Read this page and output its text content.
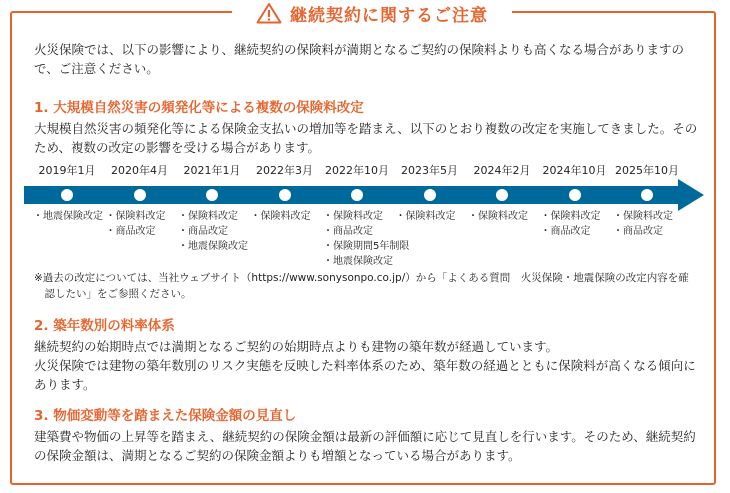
継続契約に関するご注意

火災保険では、以下の影響により、継続契約の保険料が満期となるご契約の保険料よりも高くなる場合がありますので、ご注意ください。

1. 大規模自然災害の頻発化等による複数の保険料改定

大規模自然災害の頻発化等による保険金支払いの増加等を踏まえ、以下のとおり複数の改定を実施してきました。そのため、複数の改定の影響を受ける場合があります。

2019年1月
・地震保険改定
2020年4月
・保険料改定
・商品改定
2021年1月
・保険料改定
・商品改定
・地震保険改定
2022年3月
・保険料改定
2022年10月
・保険料改定
・商品改定
・保険期間5年制限
・地震保険改定
2023年5月
・保険料改定
2024年2月
・保険料改定
2024年10月
・保険料改定
・商品改定
2025年10月
・保険料改定
・商品改定

※過去の改定については、当社ウェブサイト（https://www.sonysonpo.co.jp/）から「よくある質問　火災保険・地震保険の改定内容を確
　認したい」をご参照ください。

2. 築年数別の料率体系

継続契約の始期時点では満期となるご契約の始期時点よりも建物の築年数が経過しています。
火災保険では建物の築年数別のリスク実態を反映した料率体系のため、築年数の経過とともに保険料が高くなる傾向にあります。

3. 物価変動等を踏まえた保険金額の見直し

建築費や物価の上昇等を踏まえ、継続契約の保険金額は最新の評価額に応じて見直しを行います。そのため、継続契約の保険金額は、満期となるご契約の保険金額よりも増額となっている場合があります。
